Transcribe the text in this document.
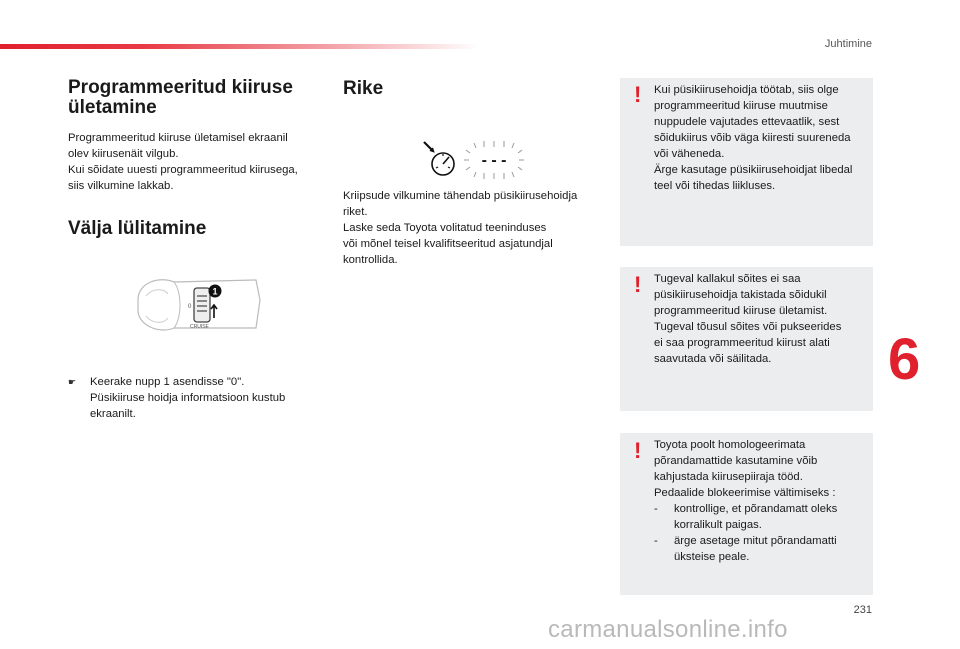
Juhtimine
Programmeeritud kiiruse ületamine

Programmeeritud kiiruse ületamisel ekraanil
olev kiirusenäit vilgub.
Kui sõidate uuesti programmeeritud kiirusega,
siis vilkumine lakkab.

Välja lülitamine
1
0
CRUISE
☛ Keerake nupp 1 asendisse "0".
Püsikiiruse hoidja informatsioon kustub
ekraanilt.
Rike
- - -

Kriipsude vilkumine tähendab püsikiirusehoidja
riket.
Laske seda Toyota volitatud teeninduses
või mõnel teisel kvalifitseeritud asjatundjal
kontrollida.

! Kui püsikiirusehoidja töötab, siis olge
programmeeritud kiiruse muutmise
nuppudele vajutades ettevaatlik, sest
sõidukiirus võib väga kiiresti suureneda
või väheneda.
Ärge kasutage püsikiirusehoidjat libedal
teel või tihedas liikluses.
! Tugeval kallakul sõites ei saa
püsikiirusehoidja takistada sõidukil
programmeeritud kiiruse ületamist.
Tugeval tõusul sõites või pukseerides
ei saa programmeeritud kiirust alati
saavutada või säilitada.
! Toyota poolt homologeerimata
põrandamattide kasutamine võib
kahjustada kiirusepiiraja tööd.
Pedaalide blokeerimise vältimiseks :
-	kontrollige, et põrandamatt oleks
korralikult paigas.
-	ärge asetage mitut põrandamatti
üksteise peale.
6
231
carmanualsonline.info
